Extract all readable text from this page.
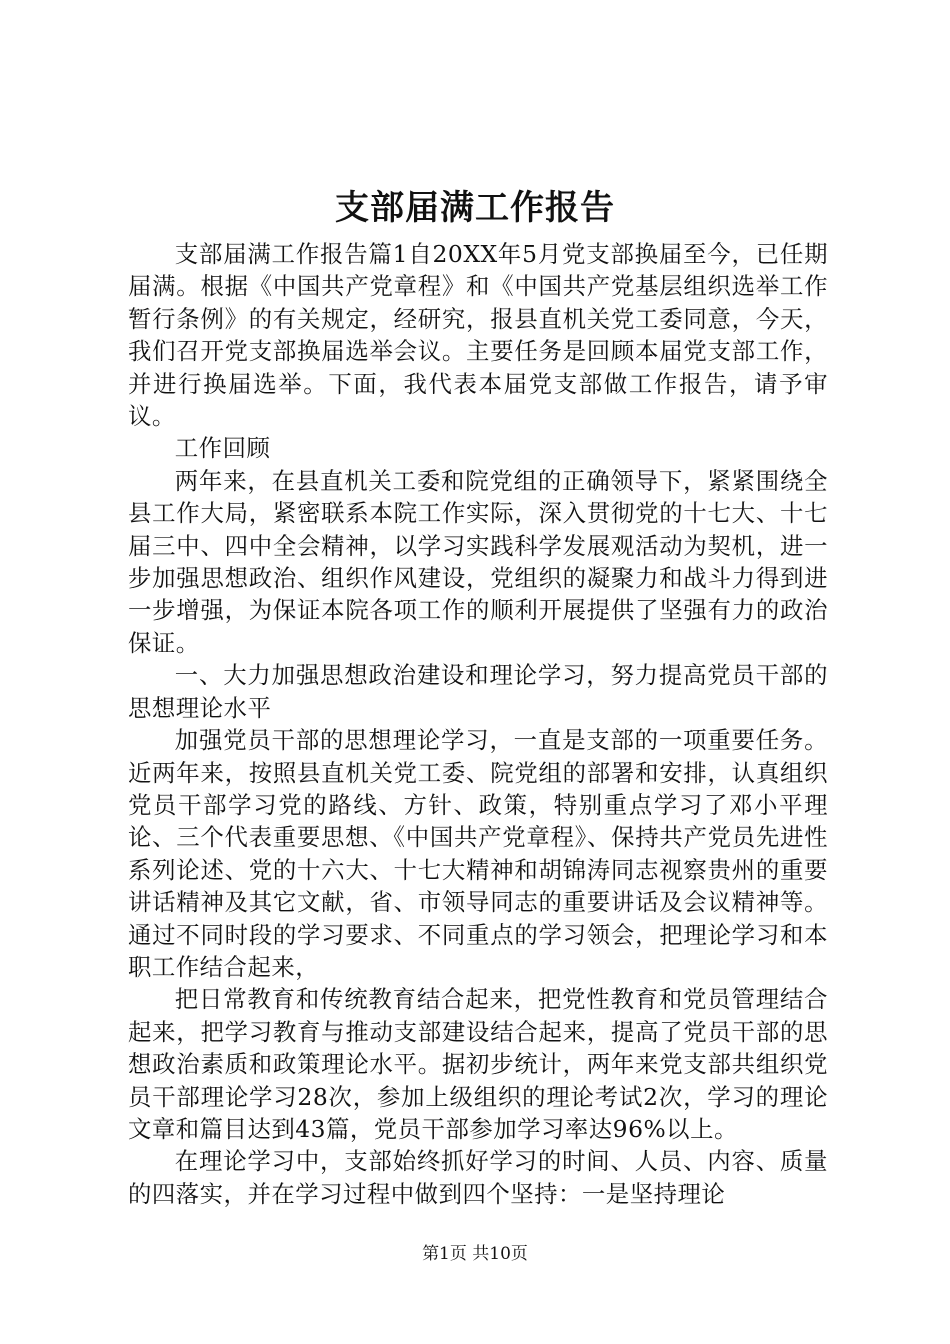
支部届满工作报告

支部届满工作报告篇1自20XX年5月党支部换届至今，已任期届满。根据《中国共产党章程》和《中国共产党基层组织选举工作暂行条例》的有关规定，经研究，报县直机关党工委同意，今天，我们召开党支部换届选举会议。主要任务是回顾本届党支部工作，并进行换届选举。下面，我代表本届党支部做工作报告，请予审议。

工作回顾

两年来，在县直机关工委和院党组的正确领导下，紧紧围绕全县工作大局，紧密联系本院工作实际，深入贯彻党的十七大、十七届三中、四中全会精神，以学习实践科学发展观活动为契机，进一步加强思想政治、组织作风建设，党组织的凝聚力和战斗力得到进一步增强，为保证本院各项工作的顺利开展提供了坚强有力的政治保证。

一、大力加强思想政治建设和理论学习，努力提高党员干部的思想理论水平

加强党员干部的思想理论学习，一直是支部的一项重要任务。近两年来，按照县直机关党工委、院党组的部署和安排，认真组织党员干部学习党的路线、方针、政策，特别重点学习了邓小平理论、三个代表重要思想、《中国共产党章程》、保持共产党员先进性系列论述、党的十六大、十七大精神和胡锦涛同志视察贵州的重要讲话精神及其它文献，省、市领导同志的重要讲话及会议精神等。通过不同时段的学习要求、不同重点的学习领会，把理论学习和本职工作结合起来，

把日常教育和传统教育结合起来，把党性教育和党员管理结合起来，把学习教育与推动支部建设结合起来，提高了党员干部的思想政治素质和政策理论水平。据初步统计，两年来党支部共组织党员干部理论学习28次，参加上级组织的理论考试2次，学习的理论文章和篇目达到43篇，党员干部参加学习率达96%以上。

在理论学习中，支部始终抓好学习的时间、人员、内容、质量的四落实，并在学习过程中做到四个坚持：一是坚持理论

第1页 共10页
